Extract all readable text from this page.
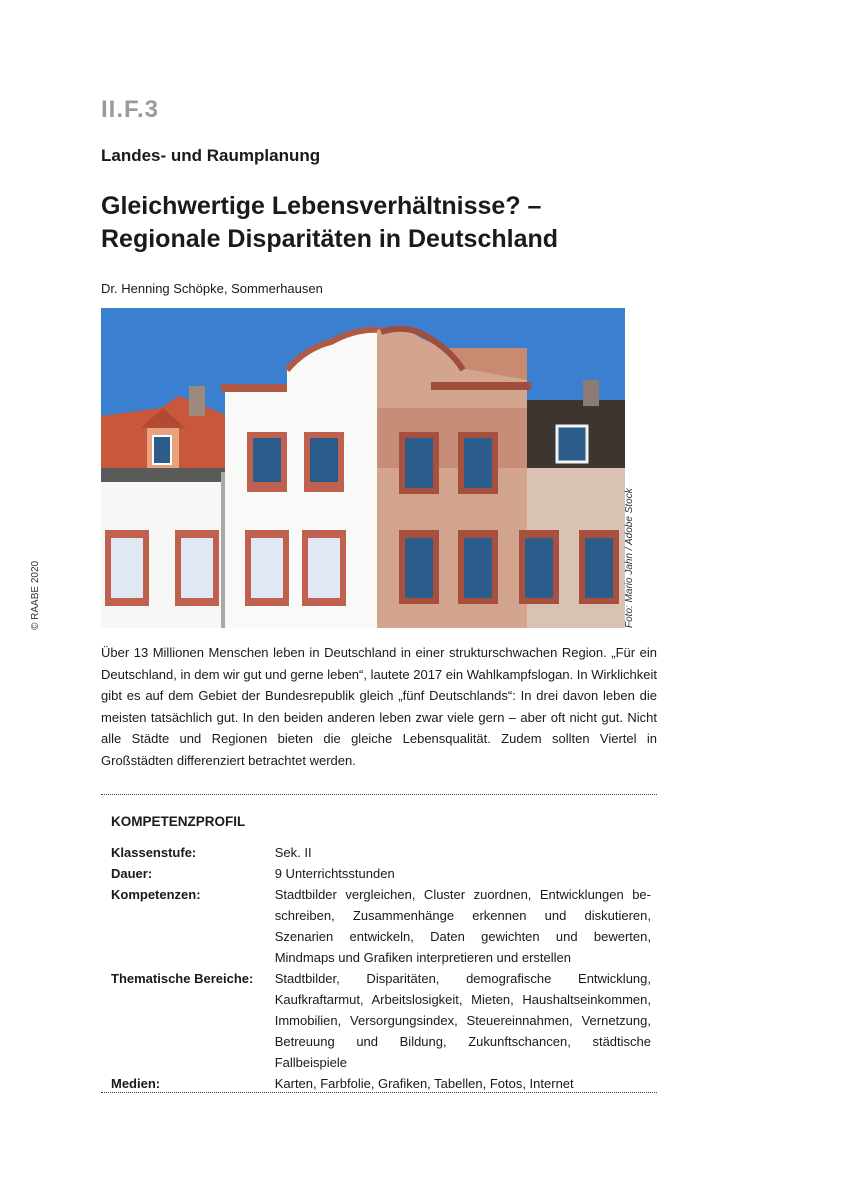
II.F.3
Landes- und Raumplanung
Gleichwertige Lebensverhältnisse? –
Regionale Disparitäten in Deutschland
Dr. Henning Schöpke, Sommerhausen
Foto: Mario Jahn / Adobe Stock
© RAABE 2020
Über 13 Millionen Menschen leben in Deutschland in einer strukturschwachen Region. „Für ein Deutschland, in dem wir gut und gerne leben“, lautete 2017 ein Wahlkampfslogan. In Wirklichkeit gibt es auf dem Gebiet der Bundesrepublik gleich „fünf Deutschlands“: In drei davon leben die meisten tatsächlich gut. In den beiden anderen leben zwar viele gern – aber oft nicht gut. Nicht alle Städte und Regionen bieten die gleiche Lebensqualität. Zudem sollten Viertel in Großstädten differenziert betrachtet werden.
KOMPETENZPROFIL
Klassenstufe:	Sek. II
Dauer:	9 Unterrichtsstunden
Kompetenzen:	Stadtbilder vergleichen, Cluster zuordnen, Entwicklungen beschreiben, Zusammenhänge erkennen und diskutieren, Szenarien entwickeln, Daten gewichten und bewerten, Mindmaps und Grafiken interpretieren und erstellen
Thematische Bereiche:	Stadtbilder, Disparitäten, demografische Entwicklung, Kaufkraftarmut, Arbeitslosigkeit, Mieten, Haushaltseinkommen, Immobilien, Versorgungsindex, Steuereinnahmen, Vernetzung, Betreuung und Bildung, Zukunftschancen, städtische Fallbeispiele
Medien:	Karten, Farbfolie, Grafiken, Tabellen, Fotos, Internet
